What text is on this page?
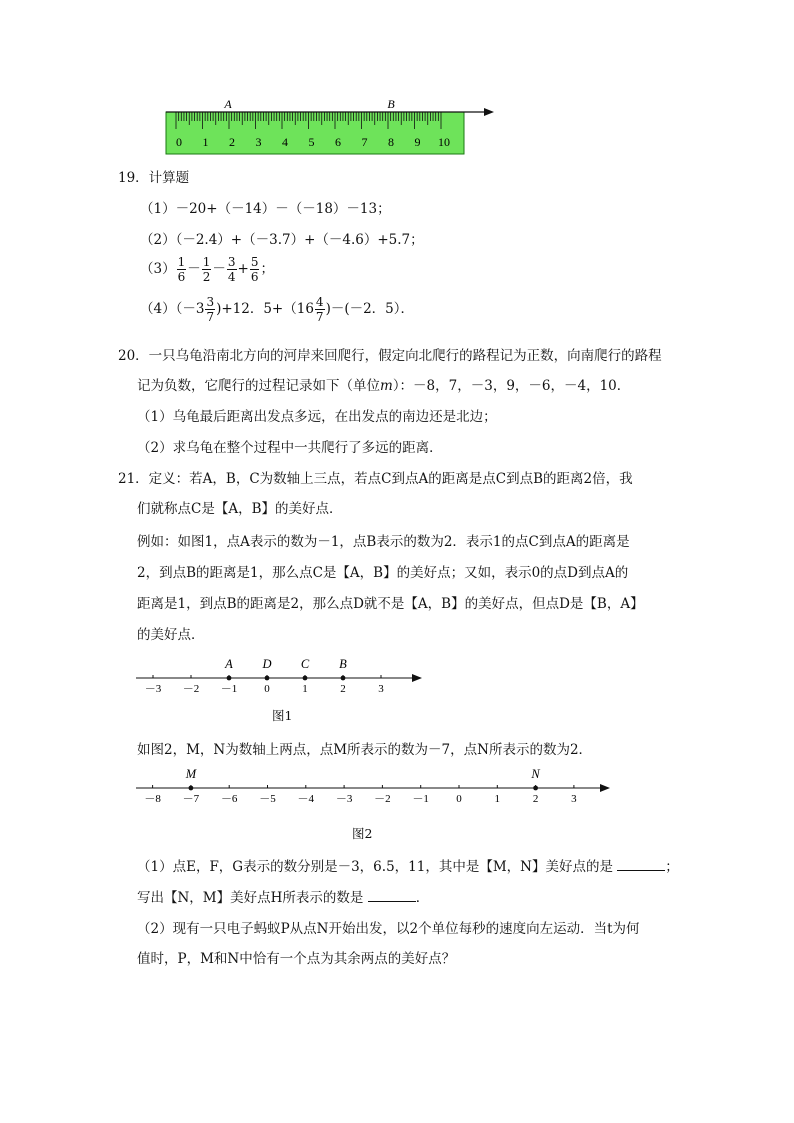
0 1 2 3 4 5 6 7 8 9 10
A	B
19．计算题
（1）－20+（－14）－（－18）－13；
（2）（－2.4）+（－3.7）+（－4.6）+5.7；
$(3) \frac{1}{6} - \frac{1}{2} - \frac{3}{4} + \frac{5}{6}$ ；
$(4)(-3 \frac{3}{7} )+12$．$5+(16 \frac{4}{7} )-(-2$．5）．
20．一只乌龟沿南北方向的河岸来回爬行，假定向北爬行的路程记为正数，向南爬行的路程
记为负数，它爬行的过程记录如下（单位m）：－8，7，－3，9，－6，－4，10．
（1）乌龟最后距离出发点多远，在出发点的南边还是北边；
（2）求乌龟在整个过程中一共爬行了多远的距离．
21．定义：若A，B，C为数轴上三点，若点C到点A的距离是点C到点B的距离2倍，我
们就称点C是【A，B】的美好点．
例如：如图1，点A表示的数为－1，点B表示的数为2．表示1的点C到点A的距离是
2，到点B的距离是1，那么点C是【A，B】的美好点；又如，表示0的点D到点A的
距离是1，到点B的距离是2，那么点D就不是【A，B】的美好点，但点D是【B，A】
的美好点．
－3 －2 －1 0	1	2	3
A D C B
图1
如图2，M，N为数轴上两点，点M所表示的数为－7，点N所表示的数为2．
－8 －7 －6 －5 －4 －3 －2 －1 0	1	2	3
M	N
图2
（1）点E，F，G表示的数分别是－3，6.5，11，其中是【M，N】美好点的是	；
写出【N，M】美好点H所表示的数是	．
（2）现有一只电子蚂蚁P从点N开始出发，以2个单位每秒的速度向左运动．当t为何
值时，P，M和N中恰有一个点为其余两点的美好点？
